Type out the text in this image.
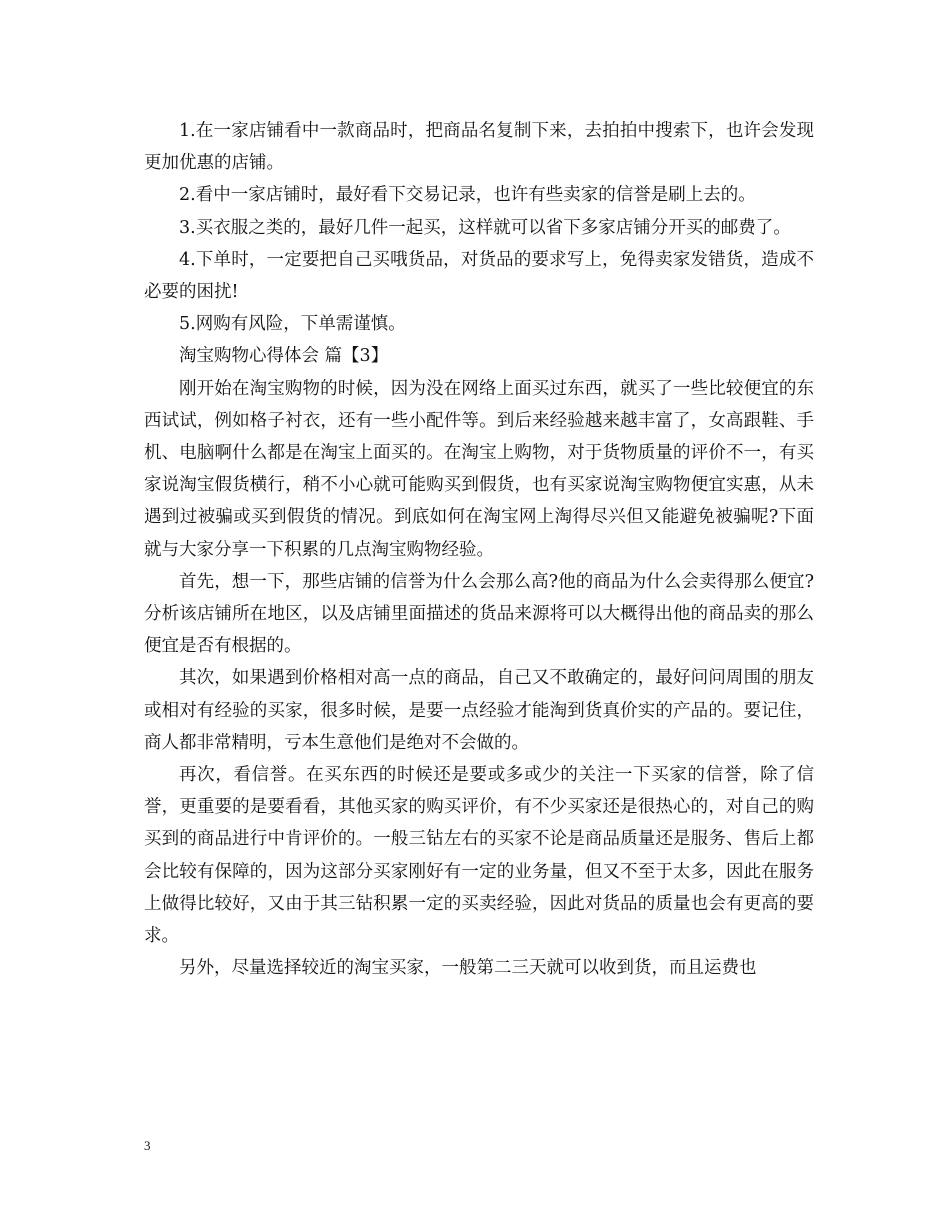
1.在一家店铺看中一款商品时，把商品名复制下来，去拍拍中搜索下，也许会发现更加优惠的店铺。

2.看中一家店铺时，最好看下交易记录，也许有些卖家的信誉是刷上去的。

3.买衣服之类的，最好几件一起买，这样就可以省下多家店铺分开买的邮费了。

4.下单时，一定要把自己买哦货品，对货品的要求写上，免得卖家发错货，造成不必要的困扰!

5.网购有风险，下单需谨慎。

淘宝购物心得体会 篇【3】

刚开始在淘宝购物的时候，因为没在网络上面买过东西，就买了一些比较便宜的东西试试，例如格子衬衣，还有一些小配件等。到后来经验越来越丰富了，女高跟鞋、手机、电脑啊什么都是在淘宝上面买的。在淘宝上购物，对于货物质量的评价不一，有买家说淘宝假货横行，稍不小心就可能购买到假货，也有买家说淘宝购物便宜实惠，从未遇到过被骗或买到假货的情况。到底如何在淘宝网上淘得尽兴但又能避免被骗呢?下面就与大家分享一下积累的几点淘宝购物经验。

首先，想一下，那些店铺的信誉为什么会那么高?他的商品为什么会卖得那么便宜?分析该店铺所在地区，以及店铺里面描述的货品来源将可以大概得出他的商品卖的那么便宜是否有根据的。

其次，如果遇到价格相对高一点的商品，自己又不敢确定的，最好问问周围的朋友或相对有经验的买家，很多时候，是要一点经验才能淘到货真价实的产品的。要记住，商人都非常精明，亏本生意他们是绝对不会做的。

再次，看信誉。在买东西的时候还是要或多或少的关注一下买家的信誉，除了信誉，更重要的是要看看，其他买家的购买评价，有不少买家还是很热心的，对自己的购买到的商品进行中肯评价的。一般三钻左右的买家不论是商品质量还是服务、售后上都会比较有保障的，因为这部分买家刚好有一定的业务量，但又不至于太多，因此在服务上做得比较好，又由于其三钻积累一定的买卖经验，因此对货品的质量也会有更高的要求。

另外，尽量选择较近的淘宝买家，一般第二三天就可以收到货，而且运费也

3
